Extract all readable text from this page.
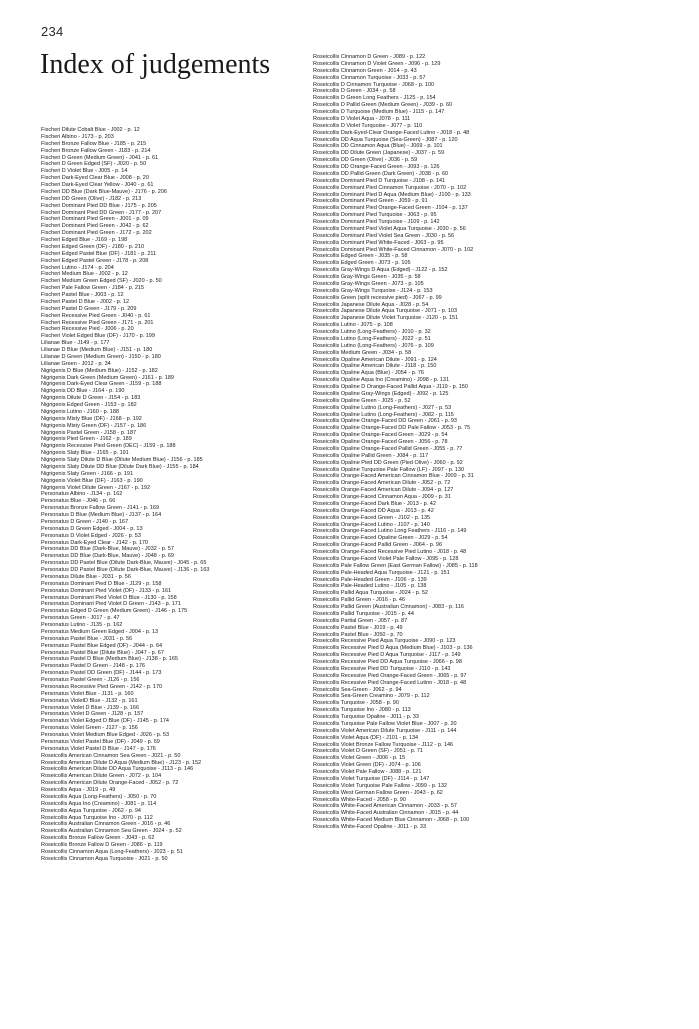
234
Index of judgements
Fischeri Dilute Cobalt Blue - J002 - p. 12
Fischeri Albino - J173 - p. 203
Fischeri Bronze Fallow Blue - J185 - p. 215
Fischeri Bronze Fallow Green - J183 - p. 214
Fischeri D Green (Medium Green) - J041 - p. 61
Fischeri D Green Edged (SF) - J020 - p. 50
Fischeri D Violet Blue - J005 - p. 14
Fischeri Dark-Eyed Clear Blue - J008 - p. 20
Fischeri Dark-Eyed Clear Yellow - J040 - p. 61
Fischeri DD Blue (Dark Blue-Mauve) - J176 - p. 206
Fischeri DD Green (Olive) - J182 - p. 213
Fischeri Dominant Pied DD Blue - J175 - p. 205
Fischeri Dominant Pied DD Green - J177 - p. 207
Fischeri Dominant Pied Green - J001 - p. 09
Fischeri Dominant Pied Green - J042 - p. 62
Fischeri Dominant Pied Green - J172 - p. 202
Fischeri Edged Blue - J169 - p. 198
Fischeri Edged Green (DF) - J180 - p. 210
Fischeri Edged Pastel Blue (DF) - J181 - p. 211
Fischeri Edged Pastel Green - J178 - p. 208
Fischeri Lutino - J174 - p. 204
Fischeri Medium Blue - J002 - p. 12
Fischeri Medium Green Edged (SF) - J020 - p. 50
Fischeri Pale Fallow Green - J184 - p. 215
Fischeri Pastel Blue - J003 - p. 12
Fischeri Pastel D Blue - J002 - p. 12
Fischeri Pastel D Green - J179 - p. 209
Fischeri Recessive Pied Green - J040 - p. 61
Fischeri Recessive Pied Green - J171 - p. 201
Fischeri Recessive Pied - J006 - p. 20
Fischeri Violet Edged Blue (DF) - J170 - p. 199
Lilianae Blue - J149 - p. 177
Lilianae D Blue (Medium Blue) - J151 - p. 180
Lilianae D Green (Medium Green) - J150 - p. 180
Lilianae Green - J012 - p. 34
Nigrigenis D Blue (Medium Blue) - J152 - p. 182
Nigrigenis Dark Green (Medium Green) - J161 - p. 189
Nigrigenis Dark-Eyed Clear Green - J159 - p. 188
Nigrigenis DD Blue - J164 - p. 190
Nigrigenis Dilute D Green - J154 - p. 183
Nigrigenis Edged Green - J153 - p. 182
Nigrigenis Lutino - J160 - p. 188
Nigrigenis Misty Blue (DF) - J168 - p. 192
Nigrigenis Misty Green (DF) - J157 - p. 186
Nigrigenis Pastel Green - J158 - p. 187
Nigrigenis Pied Green - J162 - p. 189
Nigrigenis Recessive Pied Green (DEC) - J159 - p. 188
Nigrigenis Slaty Blue - J165 - p. 191
Nigrigenis Slaty Dilute D Blue (Dilute Medium Blue) - J156 - p. 185
Nigrigenis Slaty Dilute DD Blue (Dilute Dark Blue) - J155 - p. 184
Nigrigenis Slaty Green - J166 - p. 191
Nigrigenis Violet Blue (DF) - J163 - p. 190
Nigrigenis Violet Dilute Green - J167 - p. 192
Personatus Albino - J134 - p. 162
Personatus Blue - J046 - p. 66
Personatus Bronze Fallow Green - J141 - p. 169
Personatus D Blue (Medium Blue) - J137 - p. 164
Personatus D Green - J140 - p. 167
Personatus D Green Edged - J004 - p. 13
Personatus D Violet Edged - J026 - p. 53
Personatus Dark-Eyed Clear - J142 - p. 170
Personatus DD Blue (Dark-Blue, Mauve) - J032 - p. 57
Personatus DD Blue (Dark-Blue, Mauve) - J048 - p. 69
Personatus DD Pastel Blue (Dilute Dark-Blue, Mauve) - J045 - p. 65
Personatus DD Pastel Blue (Dilute Dark-Blue, Mauve) - J136 - p. 163
Personatus Dilute Blue - J031 - p. 56
Personatus Dominant Pied D Blue - J129 - p. 158
Personatus Dominant Pied Violet (DF) - J133 - p. 161
Personatus Dominant Pied Violet D Blue - J130 - p. 158
Personatus Dominant Pied Violet D Green - J143 - p. 171
Personatus Edged D Green (Medium Green) - J146 - p. 175
Personatus Green - J017 - p. 47
Personatus Lutino - J135 - p. 162
Personatus Medium Green Edged - J004 - p. 13
Personatus Pastel Blue - J031 - p. 56
Personatus Pastel Blue Edged (DF) - J044 - p. 64
Personatus Pastel Blue (Dilute Blue) - J047 - p. 67
Personatus Pastel D Blue (Medium Blue) - J138 - p. 165
Personatus Pastel D Green - J148 - p. 176
Personatus Pastel DD Green (DF) - J144 - p. 173
Personatus Pastel Green - J126 - p. 156
Personatus Recessive Pied Green - J142 - p. 170
Personatus Violet Blue - J131 - p. 160
Personatus VioletD Blue - J132 - p. 161
Personatus Violet D Blue - J139 - p. 166
Personatus Violet D Green - J128 - p. 157
Personatus Violet Edged D Blue (DF) - J145 - p. 174
Personatus Violet Green - J127 - p. 156
Personatus Violet Medium Blue Edged - J026 - p. 53
Personatus Violet Pastel Blue (DF) - J049 - p. 69
Personatus Violet Pastel D Blue - J147 - p. 176
Roseicollis American Cinnamon Sea Green - J021 - p. 50
Roseicollis American Dilute D Aqua (Medium Blue) - J123 - p. 152
Roseicollis American Dilute DD Aqua Turquoise - J113 - p. 146
Roseicollis American Dilute Green - J072 - p. 104
Roseicollis American Dilute Orange-Faced - J052 - p. 72
Roseicollis Aqua - J019 - p. 49
Roseicollis Aqua (Long-Feathers) - J050 - p. 70
Roseicollis Aqua Ino (Creamino) - J081 - p. 114
Roseicollis Aqua Turquoise - J062 - p. 94
Roseicollis Aqua Turquoise Ino - J070 - p. 112
Roseicollis Australian Cinnamon Green - J016 - p. 46
Roseicollis Australian Cinnamon Sea Green - J024 - p. 52
Roseicollis Bronze Fallow Green - J043 - p. 62
Roseicollis Bronze Fallow D Green - J086 - p. 119
Roseicollis Cinnamon Aqua (Long-Feathers) - J023 - p. 51
Roseicollis Cinnamon Aqua Turquoise - J021 - p. 50
Roseicollis Cinnamon D Green - J089 - p. 122
Roseicollis Cinnamon D Violet Green - J096 - p. 129
Roseicollis Cinnamon Green - J014 - p. 43
Roseicollis Cinnamon Turquoise - J033 - p. 57
Roseicollis D Cinnamon Turquoise - J068 - p. 100
Roseicollis D Green - J034 - p. 58
Roseicollis D Green Long Feathers - J125 - p. 154
Roseicollis D Pallid Green (Medium Green) - J039 - p. 60
Roseicollis D Turquoise (Medium Blue) - J115 - p. 147
Roseicollis D Violet Aqua - J078 - p. 111
Roseicollis D Violet Turquoise - J077 - p. 110
Roseicollis Dark-Eyed-Clear Orange-Faced Lutino - J018 - p. 48
Roseicollis DD Aqua Turquoise (Sea-Green) - J087 - p. 120
Roseicollis DD Cinnamon Aqua (Blue) - J069 - p. 101
Roseicollis DD Dilute Green (Japanese) - J037 - p. 59
Roseicollis DD Green (Olive) - J036 - p. 59
Roseicollis DD Orange-Faced Green - J093 - p. 126
Roseicollis DD Pallid Green (Dark Green) - J038 - p. 60
Roseicollis Dominant Pied D Turquoise - J108 - p. 141
Roseicollis Dominant Pied Cinnamon Turquoise - J070 - p. 102
Roseicollis Dominant Pied D Aqua (Medium Blue) - J100 - p. 133
Roseicollis Dominant Pied Green - J059 - p. 91
Roseicollis Dominant Pied Orange-Faced Green - J104 - p. 137
Roseicollis Dominant Pied Turquoise - J063 - p. 95
Roseicollis Dominant Pied Turquoise - J109 - p. 142
Roseicollis Dominant Pied Violet Aqua Turquoise - J030 - p. 56
Roseicollis Dominant Pied Violet Sea Green - J030 - p. 56
Roseicollis Dominant Pied White-Faced - J063 - p. 95
Roseicollis Dominant Pied White-Faced Cinnamon - J070 - p. 102
Roseicollis Edged Green - J035 - p. 58
Roseicollis Edged Green - J073 - p. 105
Roseicollis Gray-Wings D Aqua (Edged) - J122 - p. 152
Roseicollis Gray-Wings Green - J035 - p. 58
Roseicollis Gray-Wings Green - J073 - p. 105
Roseicollis Gray-Wings Turquoise - J124 - p. 153
Roseicollis Green (split recessive pied) - J067 - p. 99
Roseicollis Japanese Dilute Aqua - J028 - p. 54
Roseicollis Japanese Dilute Aqua Turquoise - J071 - p. 103
Roseicollis Japanese Dilute Violet Turquoise - J120 - p. 151
Roseicollis Lutino - J075 - p. 108
Roseicollis Lutino (Long-Feathers) - J010 - p. 32
Roseicollis Lutino (Long-Feathers) - J022 - p. 51
Roseicollis Lutino (Long-Feathers) - J076 - p. 109
Roseicollis Medium Green - J034 - p. 58
Roseicollis Opaline American Dilute - J091 - p. 124
Roseicollis Opaline American Dilute - J118 - p. 150
Roseicollis Opaline Aqua (Blue) - J054 - p. 76
Roseicollis Opaline Aqua Ino (Creamino) - J098 - p. 131
Roseicollis Opaline D Orange-Faced Pallid Aqua - J119 - p. 150
Roseicollis Opaline Gray-Wings (Edged) - J092 - p. 125
Roseicollis Opaline Green - J025 - p. 52
Roseicollis Opaline Lutino (Long-Feathers) - J027 - p. 53
Roseicollis Opaline Lutino (Long-Feathers) - J082 - p. 115
Roseicollis Opaline Orange-Faced DD Green - J061 - p. 93
Roseicollis Opaline Orange-Faced DD Pale Fallow - J053 - p. 75
Roseicollis Opaline Orange-Faced Green - J029 - p. 54
Roseicollis Opaline Orange-Faced Green - J056 - p. 78
Roseicollis Opaline Orange-Faced Pallid Green - J055 - p. 77
Roseicollis Opaline Pallid Green - J084 - p. 117
Roseicollis Opaline Pied DD Green (Pied Olive) - J060 - p. 92
Roseicollis Opaline Turquoise Pale Fallow (LF) - J097 - p. 130
Roseicollis Orange-Faced American Cinnamon Blue - J009 - p. 31
Roseicollis Orange-Faced American Dilute - J052 - p. 72
Roseicollis Orange-Faced American Dilute - J094 - p. 127
Roseicollis Orange-Faced Cinnamon Aqua - J009 - p. 31
Roseicollis Orange-Faced Dark Blue - J013 - p. 42
Roseicollis Orange-Faced DD Aqua - J013 - p. 42
Roseicollis Orange-Faced Green - J102 - p. 135
Roseicollis Orange-Faced Lutino - J107 - p. 140
Roseicollis Orange-Faced Lutino Long Feathers - J116 - p. 149
Roseicollis Orange-Faced Opaline Green - J029 - p. 54
Roseicollis Orange-Faced Pallid Green - J064 - p. 96
Roseicollis Orange-Faced Recessive Pied Lutino - J018 - p. 48
Roseicollis Orange-Faced Violet Pale Fallow - J095 - p. 128
Roseicollis Pale Fallow Green (East German Fallow) - J085 - p. 118
Roseicollis Pale-Headed Aqua Turquoise - J121 - p. 151
Roseicollis Pale-Headed Green - J106 - p. 139
Roseicollis Pale-Headed Lutino - J105 - p. 138
Roseicollis Pallid Aqua Turquoise - J024 - p. 52
Roseicollis Pallid Green - J016 - p. 46
Roseicollis Pallid Green (Australian Cinnamon) - J083 - p. 116
Roseicollis Pallid Turquoise - J015 - p. 44
Roseicollis Partial Green - J057 - p. 87
Roseicollis Pastel Blue - J019 - p. 49
Roseicollis Pastel Blue - J050 - p. 70
Roseicollis Recessive Pied Aqua Turquoise - J090 - p. 123
Roseicollis Recessive Pied D Aqua (Medium Blue) - J103 - p. 136
Roseicollis Recessive Pied D Aqua Turquoise - J117 - p. 149
Roseicollis Recessive Pied DD Aqua Turquoise - J066 - p. 98
Roseicollis Recessive Pied DD Turquoise - J110 - p. 143
Roseicollis Recessive Pied Orange-Faced Green - J065 - p. 97
Roseicollis Recessive Pied Orange-Faced Lutino - J018 - p. 48
Roseicollis Sea-Green - J062 - p. 94
Roseicollis Sea-Green Creamino - J079 - p. 112
Roseicollis Turquoise - J058 - p. 90
Roseicollis Turquoise Ino - J080 - p. 113
Roseicollis Turquoise Opaline - J011 - p. 33
Roseicollis Turquoise Pale Fallow Violet Blue - J007 - p. 20
Roseicollis Violet American Dilute Turquoise - J111 - p. 144
Roseicollis Violet Aqua (DF) - J101 - p. 134
Roseicollis Violet Bronze Fallow Turquoise - J112 - p. 146
Roseicollis Violet D Green (SF) - J051 - p. 71
Roseicollis Violet Green - J006 - p. 15
Roseicollis Violet Green (DF) - J074 - p. 106
Roseicollis Violet Pale Fallow - J088 - p. 121
Roseicollis Violet Turquoise (DF) - J114 - p. 147
Roseicollis Violet Turquoise Pale Fallow - J099 - p. 132
Roseicollis West German Fallow Green - J043 - p. 62
Roseicollis White-Faced - J058 - p. 90
Roseicollis White-Faced American Cinnamon - J033 - p. 57
Roseicollis White-Faced Australian Cinnamon - J015 - p. 44
Roseicollis White-Faced Medium Blue Cinnamon - J068 - p. 100
Roseicollis White-Faced Opaline - J011 - p. 33
